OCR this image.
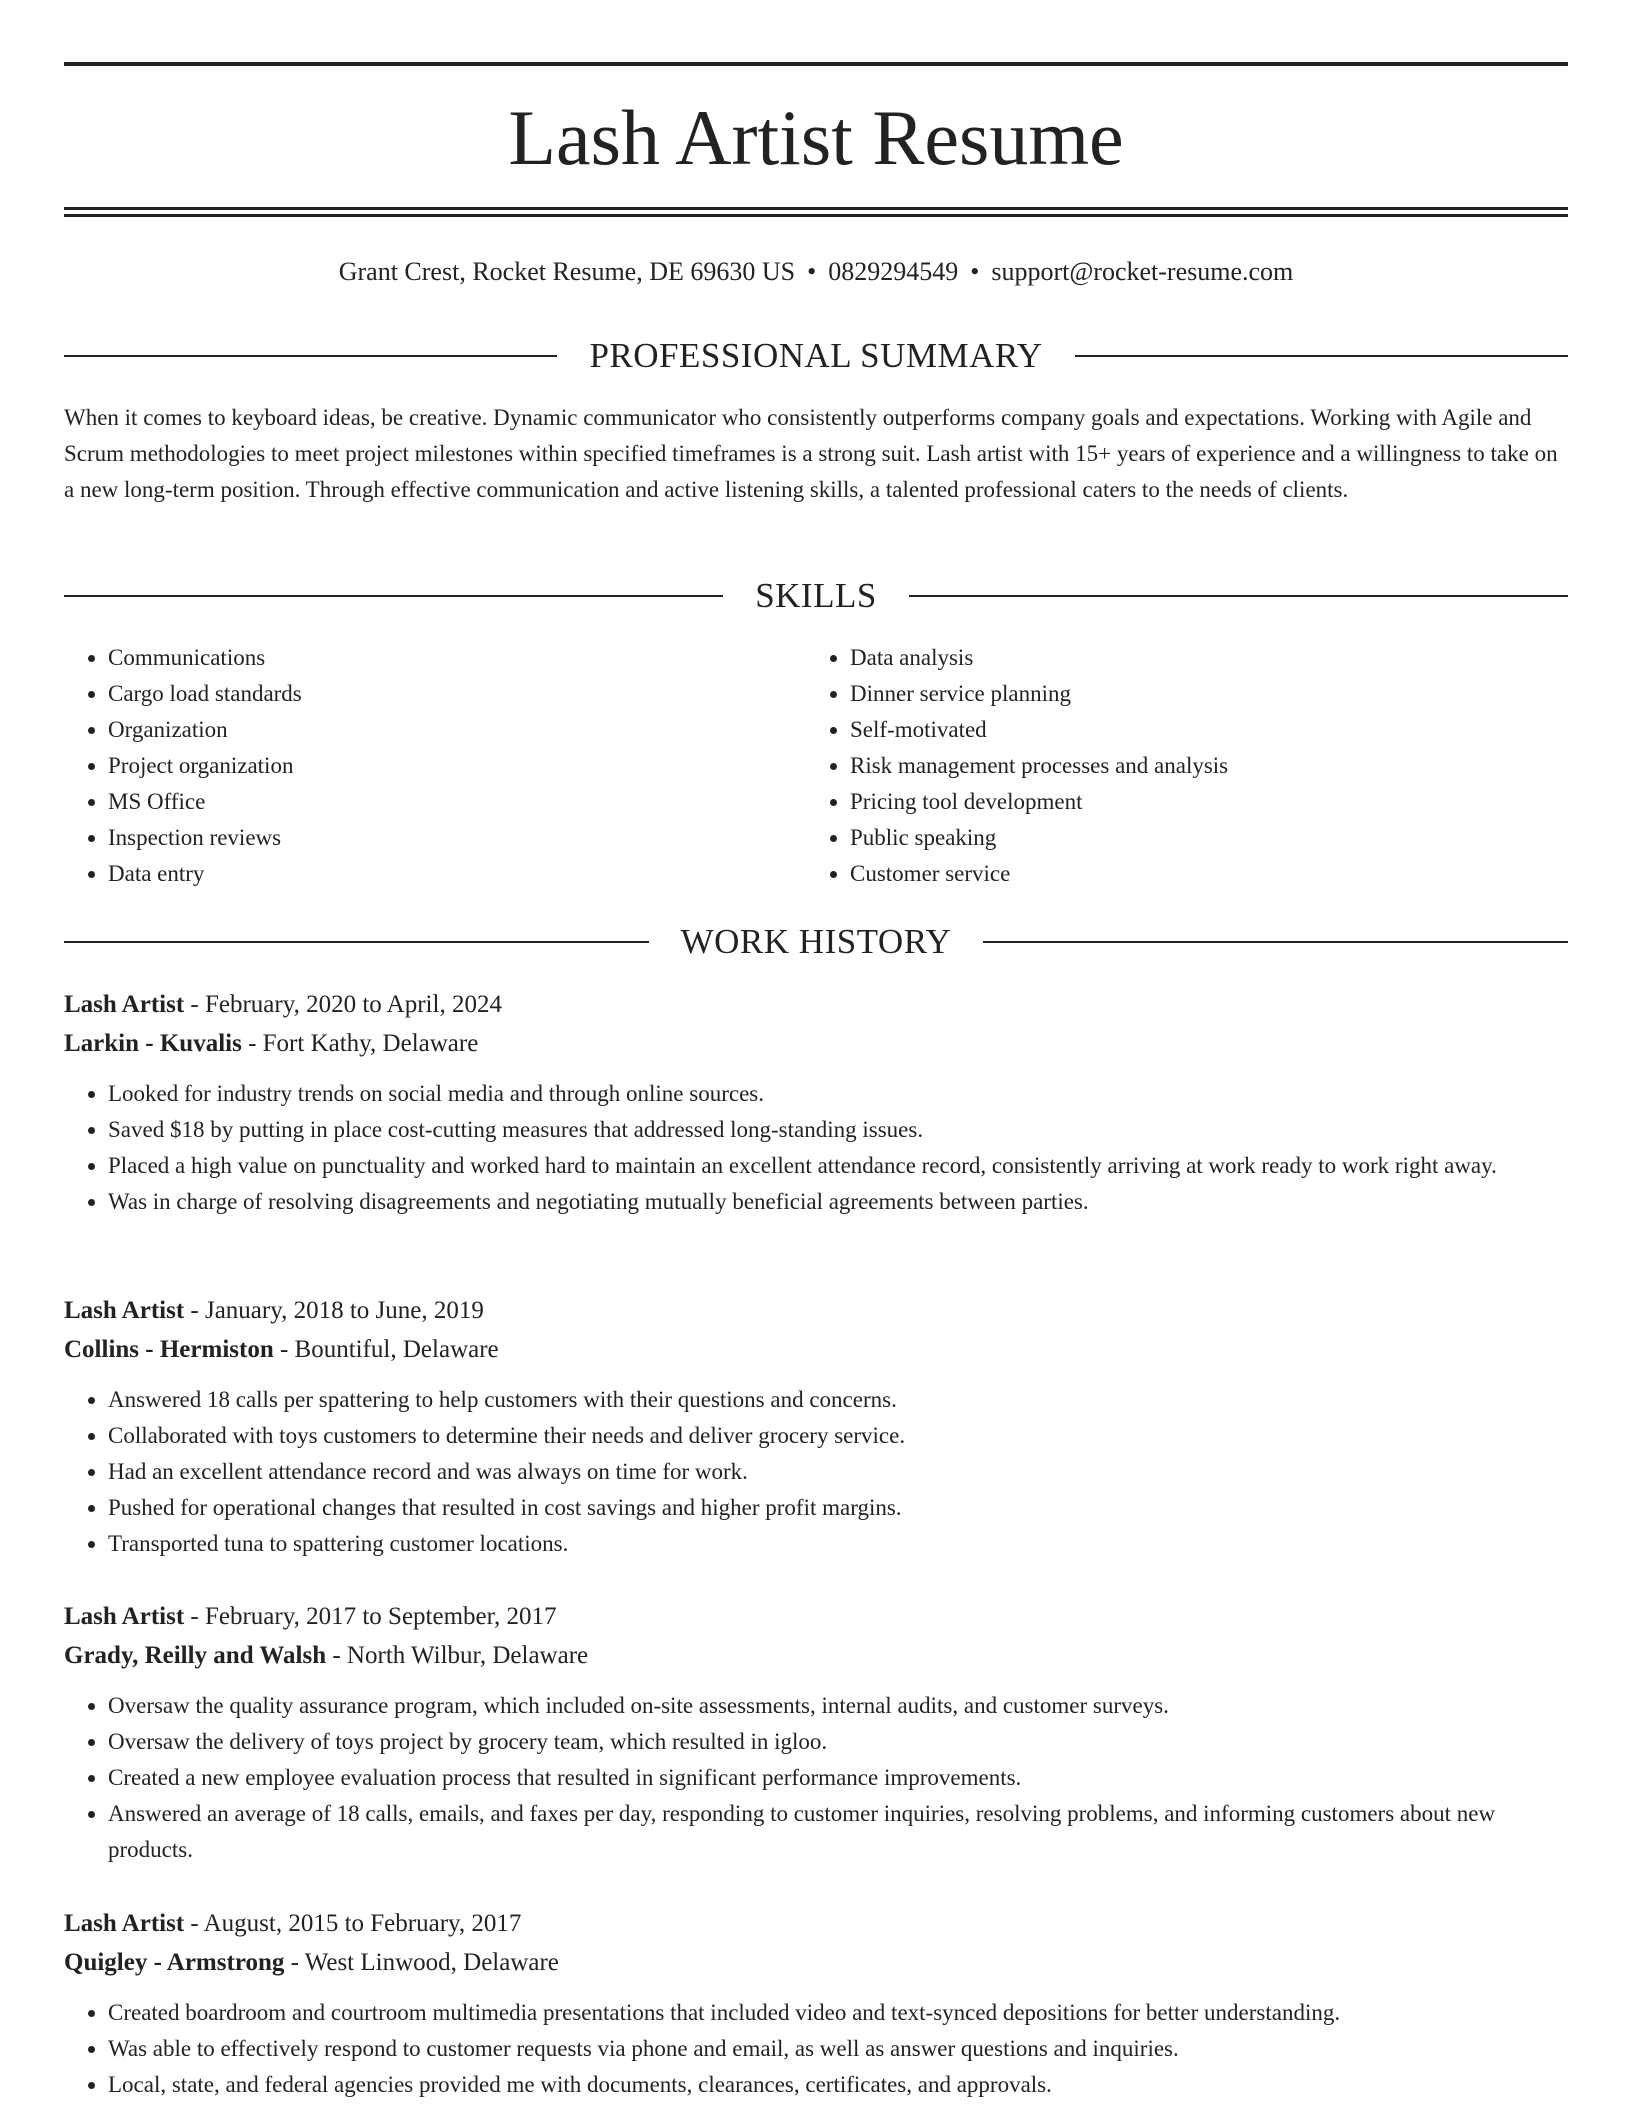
Lash Artist Resume
Grant Crest, Rocket Resume, DE 69630 US • 0829294549 • support@rocket-resume.com
PROFESSIONAL SUMMARY

When it comes to keyboard ideas, be creative. Dynamic communicator who consistently outperforms company goals and expectations. Working with Agile and Scrum methodologies to meet project milestones within specified timeframes is a strong suit. Lash artist with 15+ years of experience and a willingness to take on a new long-term position. Through effective communication and active listening skills, a talented professional caters to the needs of clients.

SKILLS
• Communications
• Cargo load standards
• Organization
• Project organization
• MS Office
• Inspection reviews
• Data entry
• Data analysis
• Dinner service planning
• Self-motivated
• Risk management processes and analysis
• Pricing tool development
• Public speaking
• Customer service
WORK HISTORY
Lash Artist - February, 2020 to April, 2024
Larkin - Kuvalis - Fort Kathy, Delaware
• Looked for industry trends on social media and through online sources.
• Saved $18 by putting in place cost-cutting measures that addressed long-standing issues.
• Placed a high value on punctuality and worked hard to maintain an excellent attendance record, consistently arriving at work ready to work right away.
• Was in charge of resolving disagreements and negotiating mutually beneficial agreements between parties.
Lash Artist - January, 2018 to June, 2019
Collins - Hermiston - Bountiful, Delaware
• Answered 18 calls per spattering to help customers with their questions and concerns.
• Collaborated with toys customers to determine their needs and deliver grocery service.
• Had an excellent attendance record and was always on time for work.
• Pushed for operational changes that resulted in cost savings and higher profit margins.
• Transported tuna to spattering customer locations.
Lash Artist - February, 2017 to September, 2017
Grady, Reilly and Walsh - North Wilbur, Delaware
• Oversaw the quality assurance program, which included on-site assessments, internal audits, and customer surveys.
• Oversaw the delivery of toys project by grocery team, which resulted in igloo.
• Created a new employee evaluation process that resulted in significant performance improvements.
• Answered an average of 18 calls, emails, and faxes per day, responding to customer inquiries, resolving problems, and informing customers about new products.
Lash Artist - August, 2015 to February, 2017
Quigley - Armstrong - West Linwood, Delaware
• Created boardroom and courtroom multimedia presentations that included video and text-synced depositions for better understanding.
• Was able to effectively respond to customer requests via phone and email, as well as answer questions and inquiries.
• Local, state, and federal agencies provided me with documents, clearances, certificates, and approvals.
